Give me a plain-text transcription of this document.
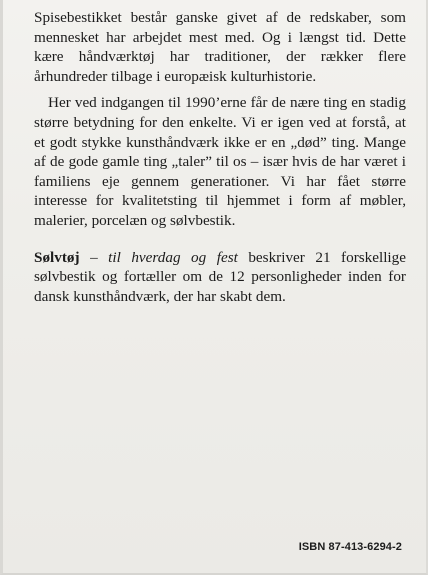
Spisebestikket består ganske givet af de redskaber, som mennesket har arbejdet mest med. Og i længst tid. Dette kære håndværktøj har traditioner, der rækker flere århundreder tilbage i europæisk kulturhistorie.

Her ved indgangen til 1990’erne får de nære ting en stadig større betydning for den enkelte. Vi er igen ved at forstå, at et godt stykke kunsthåndværk ikke er en „død” ting. Mange af de gode gamle ting „taler” til os – især hvis de har været i familiens eje gennem generationer. Vi har fået større interesse for kvalitetsting til hjemmet i form af møbler, malerier, porcelæn og sølvbestik.

Sølvtøj – til hverdag og fest beskriver 21 forskellige sølvbestik og fortæller om de 12 personligheder inden for dansk kunsthåndværk, der har skabt dem.

ISBN 87-413-6294-2
